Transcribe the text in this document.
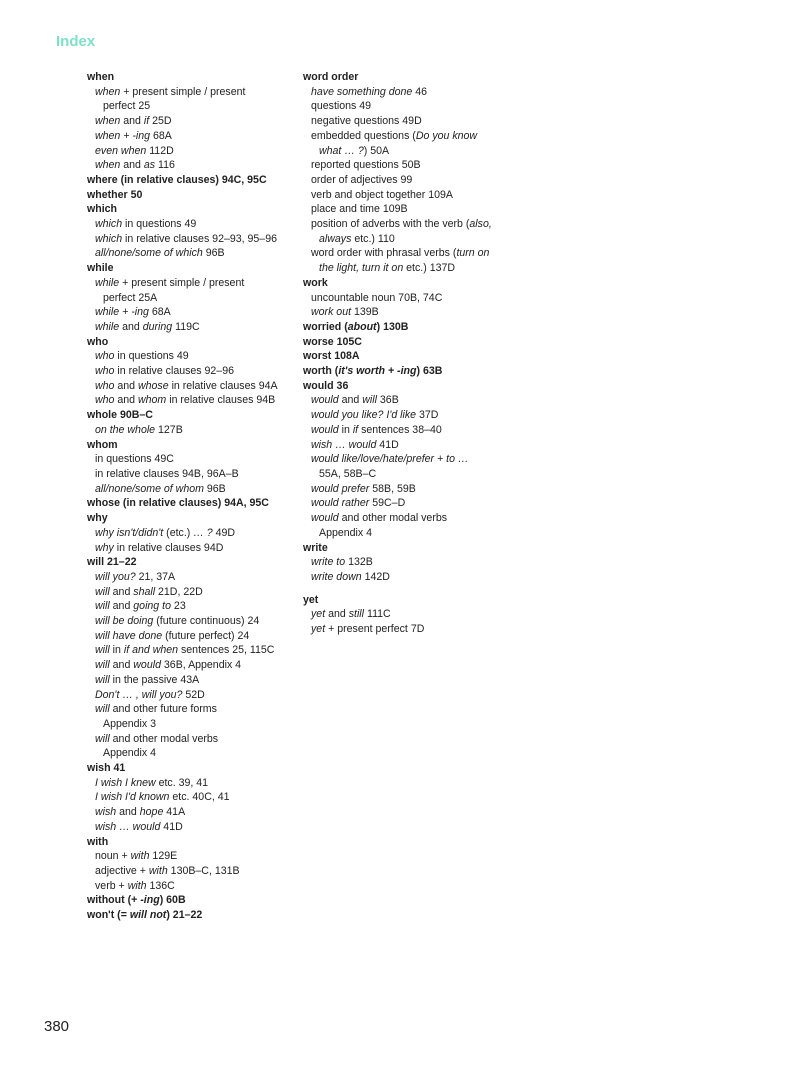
Index
when
when + present simple / present
perfect 25
when and if 25D
when + -ing 68A
even when 112D
when and as 116
where (in relative clauses) 94C, 95C
whether 50
which
which in questions 49
which in relative clauses 92–93, 95–96
all/none/some of which 96B
while
while + present simple / present
perfect 25A
while + -ing 68A
while and during 119C
who
who in questions 49
who in relative clauses 92–96
who and whose in relative clauses 94A
who and whom in relative clauses 94B
whole 90B–C
on the whole 127B
whom
in questions 49C
in relative clauses 94B, 96A–B
all/none/some of whom 96B
whose (in relative clauses) 94A, 95C
why
why isn't/didn't (etc.) … ? 49D
why in relative clauses 94D
will 21–22
will you? 21, 37A
will and shall 21D, 22D
will and going to 23
will be doing (future continuous) 24
will have done (future perfect) 24
will in if and when sentences 25, 115C
will and would 36B, Appendix 4
will in the passive 43A
Don't … , will you? 52D
will and other future forms
Appendix 3
will and other modal verbs
Appendix 4
wish 41
I wish I knew etc. 39, 41
I wish I'd known etc. 40C, 41
wish and hope 41A
wish … would 41D
with
noun + with 129E
adjective + with 130B–C, 131B
verb + with 136C
without (+ -ing) 60B
won't (= will not) 21–22
word order
have something done 46
questions 49
negative questions 49D
embedded questions (Do you know
what … ?) 50A
reported questions 50B
order of adjectives 99
verb and object together 109A
place and time 109B
position of adverbs with the verb (also,
always etc.) 110
word order with phrasal verbs (turn on
the light, turn it on etc.) 137D
work
uncountable noun 70B, 74C
work out 139B
worried (about) 130B
worse 105C
worst 108A
worth (it's worth + -ing) 63B
would 36
would and will 36B
would you like? I'd like 37D
would in if sentences 38–40
wish … would 41D
would like/love/hate/prefer + to …
55A, 58B–C
would prefer 58B, 59B
would rather 59C–D
would and other modal verbs
Appendix 4
write
write to 132B
write down 142D
yet
yet and still 111C
yet + present perfect 7D
380
